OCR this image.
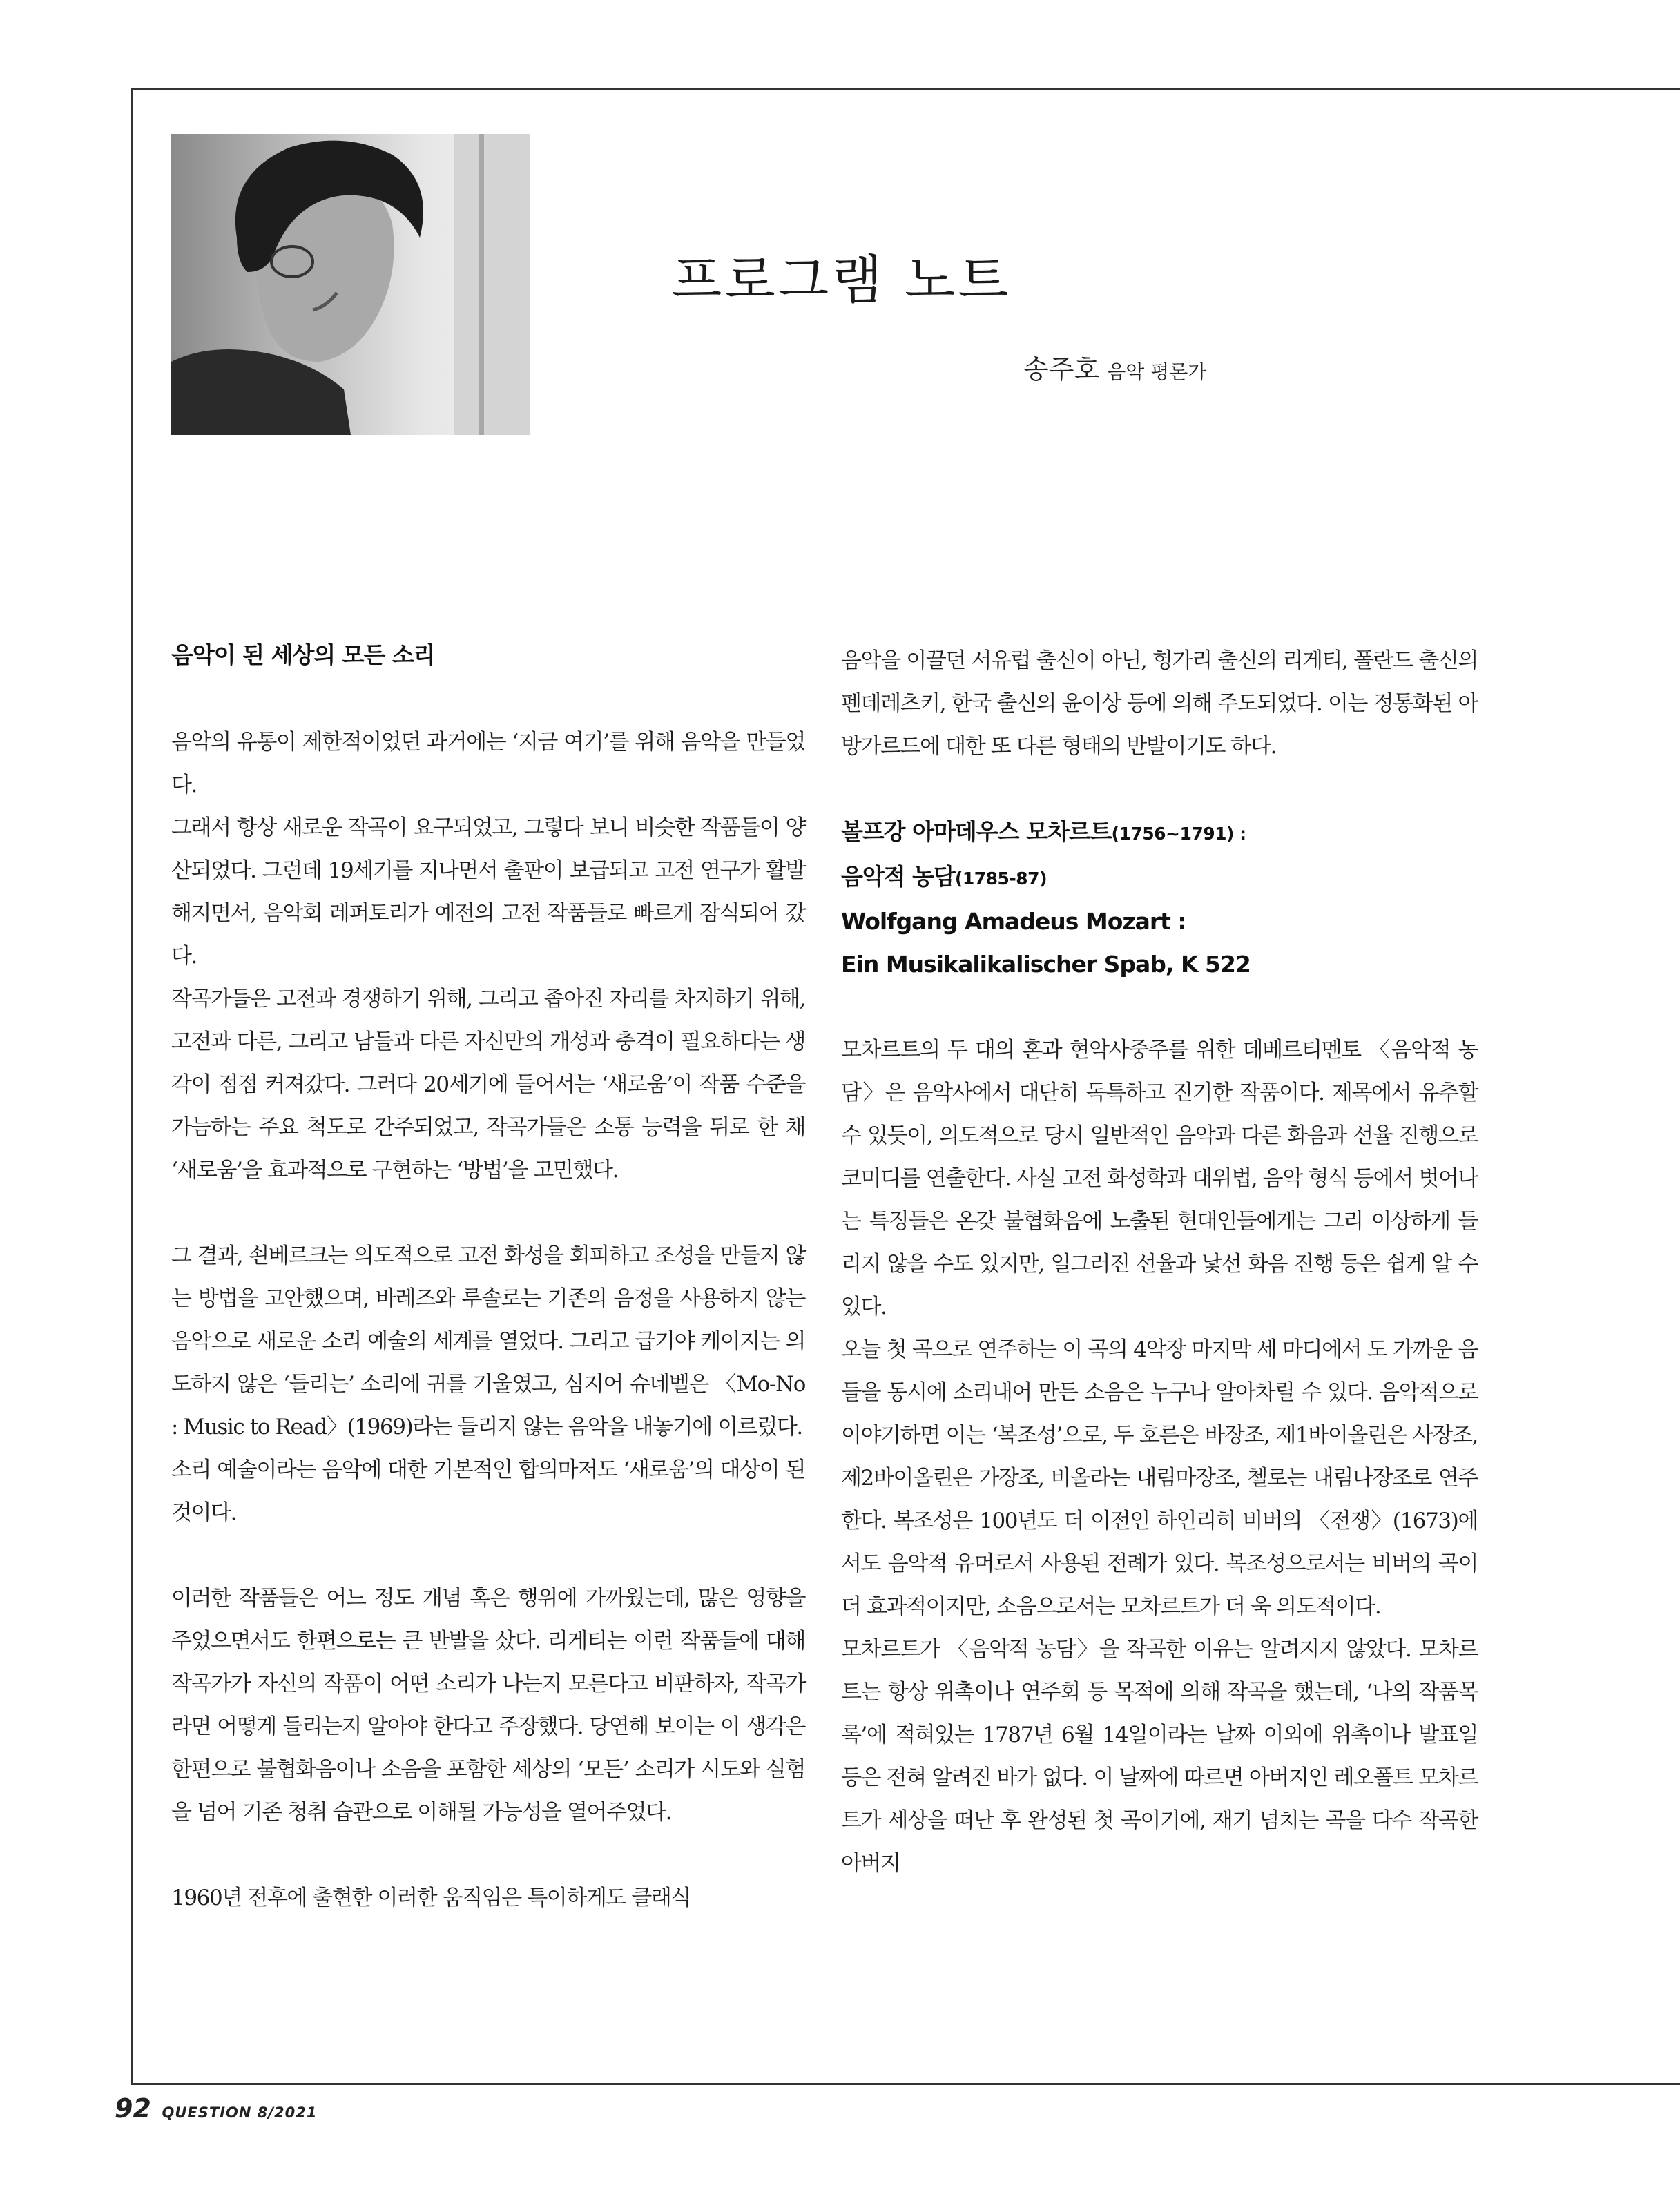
프로그램 노트
송주호 음악 평론가
음악이 된 세상의 모든 소리

음악의 유통이 제한적이었던 과거에는 ‘지금 여기’를 위해 음악을 만들었다.

그래서 항상 새로운 작곡이 요구되었고, 그렇다 보니 비슷한 작품들이 양산되었다. 그런데 19세기를 지나면서 출판이 보급되고 고전 연구가 활발해지면서, 음악회 레퍼토리가 예전의 고전 작품들로 빠르게 잠식되어 갔다.

작곡가들은 고전과 경쟁하기 위해, 그리고 좁아진 자리를 차지하기 위해, 고전과 다른, 그리고 남들과 다른 자신만의 개성과 충격이 필요하다는 생각이 점점 커져갔다. 그러다 20세기에 들어서는 ‘새로움’이 작품 수준을 가늠하는 주요 척도로 간주되었고, 작곡가들은 소통 능력을 뒤로 한 채 ‘새로움’을 효과적으로 구현하는 ‘방법’을 고민했다.

그 결과, 쇤베르크는 의도적으로 고전 화성을 회피하고 조성을 만들지 않는 방법을 고안했으며, 바레즈와 루솔로는 기존의 음정을 사용하지 않는 음악으로 새로운 소리 예술의 세계를 열었다. 그리고 급기야 케이지는 의도하지 않은 ‘들리는’ 소리에 귀를 기울였고, 심지어 슈네벨은 〈Mo-No : Music to Read〉(1969)라는 들리지 않는 음악을 내놓기에 이르렀다.

소리 예술이라는 음악에 대한 기본적인 합의마저도 ‘새로움’의 대상이 된 것이다.

이러한 작품들은 어느 정도 개념 혹은 행위에 가까웠는데, 많은 영향을 주었으면서도 한편으로는 큰 반발을 샀다. 리게티는 이런 작품들에 대해 작곡가가 자신의 작품이 어떤 소리가 나는지 모른다고 비판하자, 작곡가라면 어떻게 들리는지 알아야 한다고 주장했다. 당연해 보이는 이 생각은 한편으로 불협화음이나 소음을 포함한 세상의 ‘모든’ 소리가 시도와 실험을 넘어 기존 청취 습관으로 이해될 가능성을 열어주었다.

1960년 전후에 출현한 이러한 움직임은 특이하게도 클래식

음악을 이끌던 서유럽 출신이 아닌, 헝가리 출신의 리게티, 폴란드 출신의 펜데레츠키, 한국 출신의 윤이상 등에 의해 주도되었다. 이는 정통화된 아방가르드에 대한 또 다른 형태의 반발이기도 하다.

볼프강 아마데우스 모차르트(1756~1791) :
음악적 농담(1785-87)
Wolfgang Amadeus Mozart :
Ein Musikalikalischer Spab, K 522

모차르트의 두 대의 혼과 현악사중주를 위한 데베르티멘토 〈음악적 농담〉은 음악사에서 대단히 독특하고 진기한 작품이다. 제목에서 유추할 수 있듯이, 의도적으로 당시 일반적인 음악과 다른 화음과 선율 진행으로 코미디를 연출한다. 사실 고전 화성학과 대위법, 음악 형식 등에서 벗어나는 특징들은 온갖 불협화음에 노출된 현대인들에게는 그리 이상하게 들리지 않을 수도 있지만, 일그러진 선율과 낯선 화음 진행 등은 쉽게 알 수 있다.

오늘 첫 곡으로 연주하는 이 곡의 4악장 마지막 세 마디에서 도 가까운 음들을 동시에 소리내어 만든 소음은 누구나 알아차릴 수 있다. 음악적으로 이야기하면 이는 ‘복조성’으로, 두 호른은 바장조, 제1바이올린은 사장조, 제2바이올린은 가장조, 비올라는 내림마장조, 첼로는 내림나장조로 연주한다. 복조성은 100년도 더 이전인 하인리히 비버의 〈전쟁〉(1673)에서도 음악적 유머로서 사용된 전례가 있다. 복조성으로서는 비버의 곡이 더 효과적이지만, 소음으로서는 모차르트가 더 욱 의도적이다.

모차르트가 〈음악적 농담〉을 작곡한 이유는 알려지지 않았다. 모차르트는 항상 위촉이나 연주회 등 목적에 의해 작곡을 했는데, ‘나의 작품목록’에 적혀있는 1787년 6월 14일이라는 날짜 이외에 위촉이나 발표일 등은 전혀 알려진 바가 없다. 이 날짜에 따르면 아버지인 레오폴트 모차르트가 세상을 떠난 후 완성된 첫 곡이기에, 재기 넘치는 곡을 다수 작곡한 아버지

92 QUESTION 8/2021
